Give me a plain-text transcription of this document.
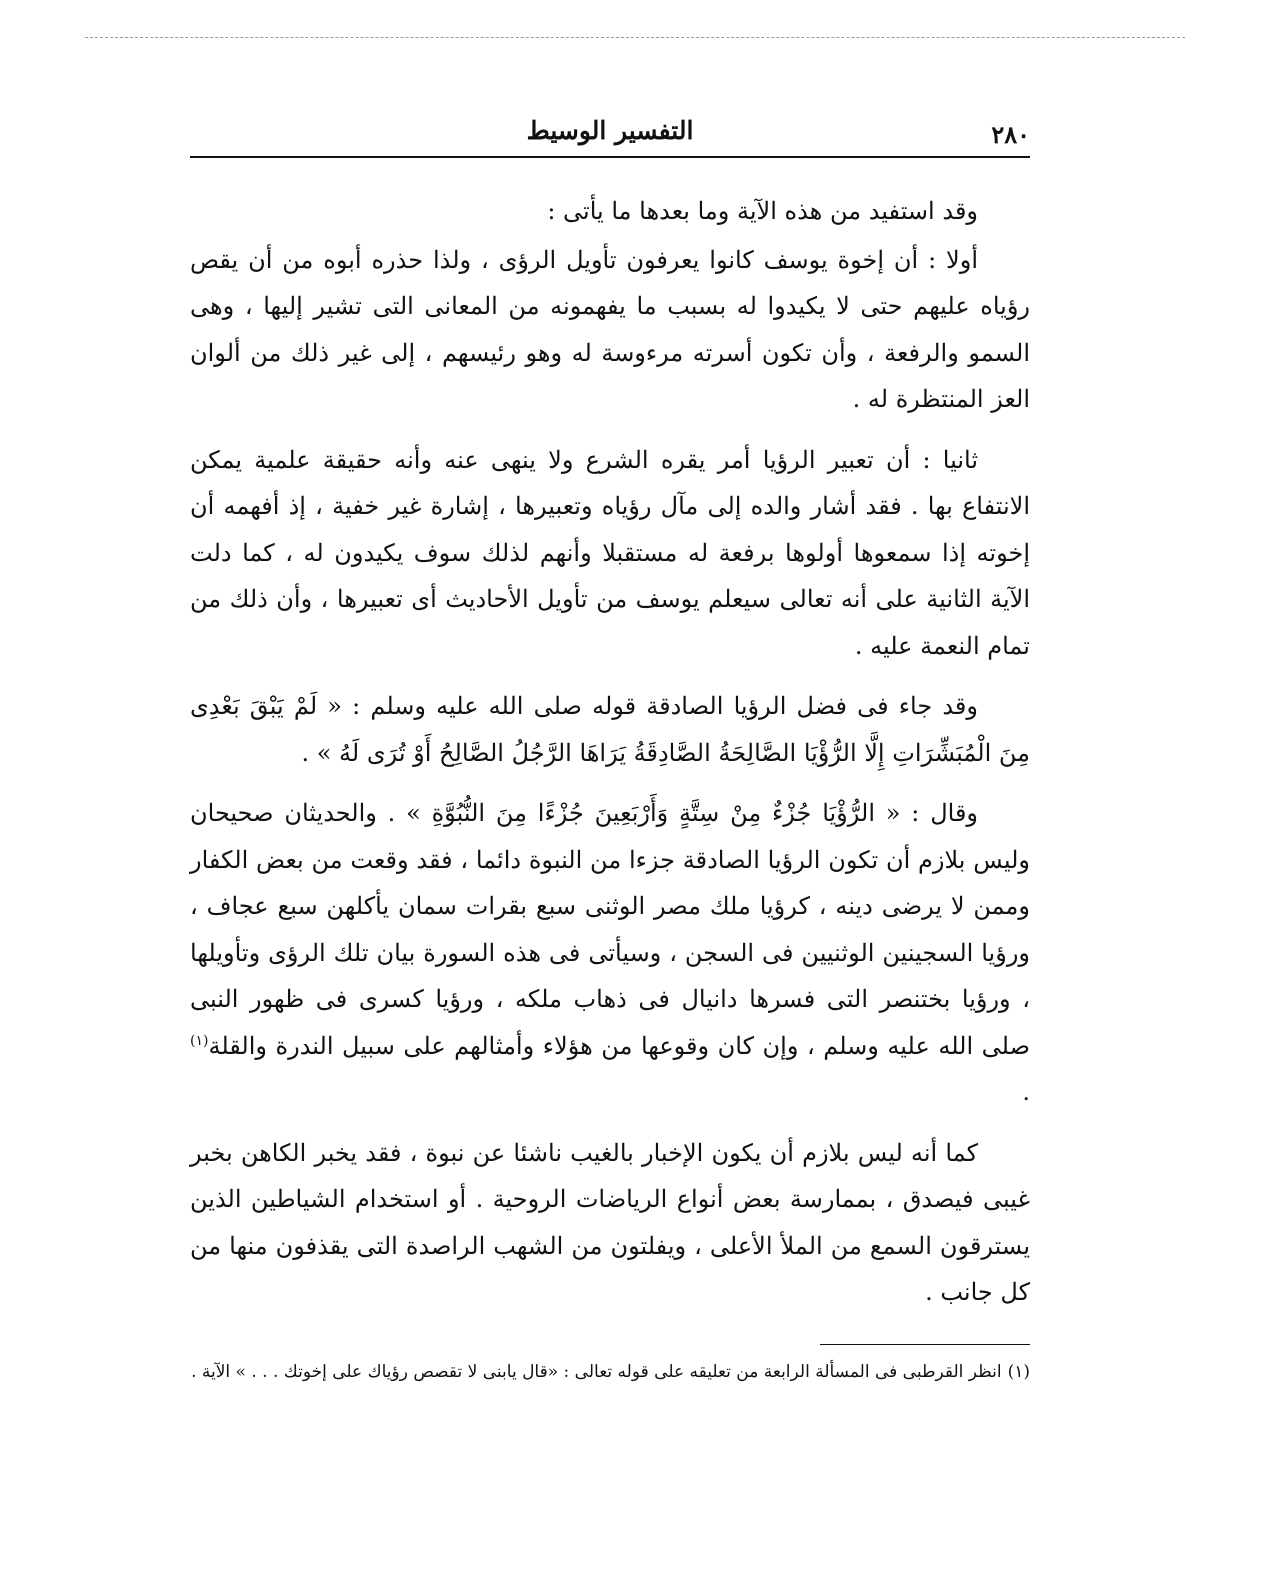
٢٨٠
التفسير الوسيط

وقد استفيد من هذه الآية وما بعدها ما يأتى :

أولا : أن إخوة يوسف كانوا يعرفون تأويل الرؤى ، ولذا حذره أبوه من أن يقص رؤياه عليهم حتى لا يكيدوا له بسبب ما يفهمونه من المعانى التى تشير إليها ، وهى السمو والرفعة ، وأن تكون أسرته مرءوسة له وهو رئيسهم ، إلى غير ذلك من ألوان العز المنتظرة له .

ثانيا : أن تعبير الرؤيا أمر يقره الشرع ولا ينهى عنه وأنه حقيقة علمية يمكن الانتفاع بها . فقد أشار والده إلى مآل رؤياه وتعبيرها ، إشارة غير خفية ، إذ أفهمه أن إخوته إذا سمعوها أولوها برفعة له مستقبلا وأنهم لذلك سوف يكيدون له ، كما دلت الآية الثانية على أنه تعالى سيعلم يوسف من تأويل الأحاديث أى تعبيرها ، وأن ذلك من تمام النعمة عليه .

وقد جاء فى فضل الرؤيا الصادقة قوله صلى الله عليه وسلم : « لَمْ يَبْقَ بَعْدِى مِنَ الْمُبَشِّرَاتِ إِلَّا الرُّؤْيَا الصَّالِحَةُ الصَّادِقَةُ يَرَاهَا الرَّجُلُ الصَّالِحُ أَوْ تُرَى لَهُ » .

وقال : « الرُّؤْيَا جُزْءٌ مِنْ سِتَّةٍ وَأَرْبَعِينَ جُزْءًا مِنَ النُّبُوَّةِ » . والحديثان صحيحان وليس بلازم أن تكون الرؤيا الصادقة جزءا من النبوة دائما ، فقد وقعت من بعض الكفار وممن لا يرضى دينه ، كرؤيا ملك مصر الوثنى سبع بقرات سمان يأكلهن سبع عجاف ، ورؤيا السجينين الوثنيين فى السجن ، وسيأتى فى هذه السورة بيان تلك الرؤى وتأويلها ، ورؤيا بختنصر التى فسرها دانيال فى ذهاب ملكه ، ورؤيا كسرى فى ظهور النبى صلى الله عليه وسلم ، وإن كان وقوعها من هؤلاء وأمثالهم على سبيل الندرة والقلة$^{(١)}$ .

كما أنه ليس بلازم أن يكون الإخبار بالغيب ناشئا عن نبوة ، فقد يخبر الكاهن بخبر غيبى فيصدق ، بممارسة بعض أنواع الرياضات الروحية . أو استخدام الشياطين الذين يسترقون السمع من الملأ الأعلى ، ويفلتون من الشهب الراصدة التى يقذفون منها من كل جانب .

(١)انظر القرطبى فى المسألة الرابعة من تعليقه على قوله تعالى : «قال يابنى لا تقصص رؤياك على إخوتك . . . » الآية .
